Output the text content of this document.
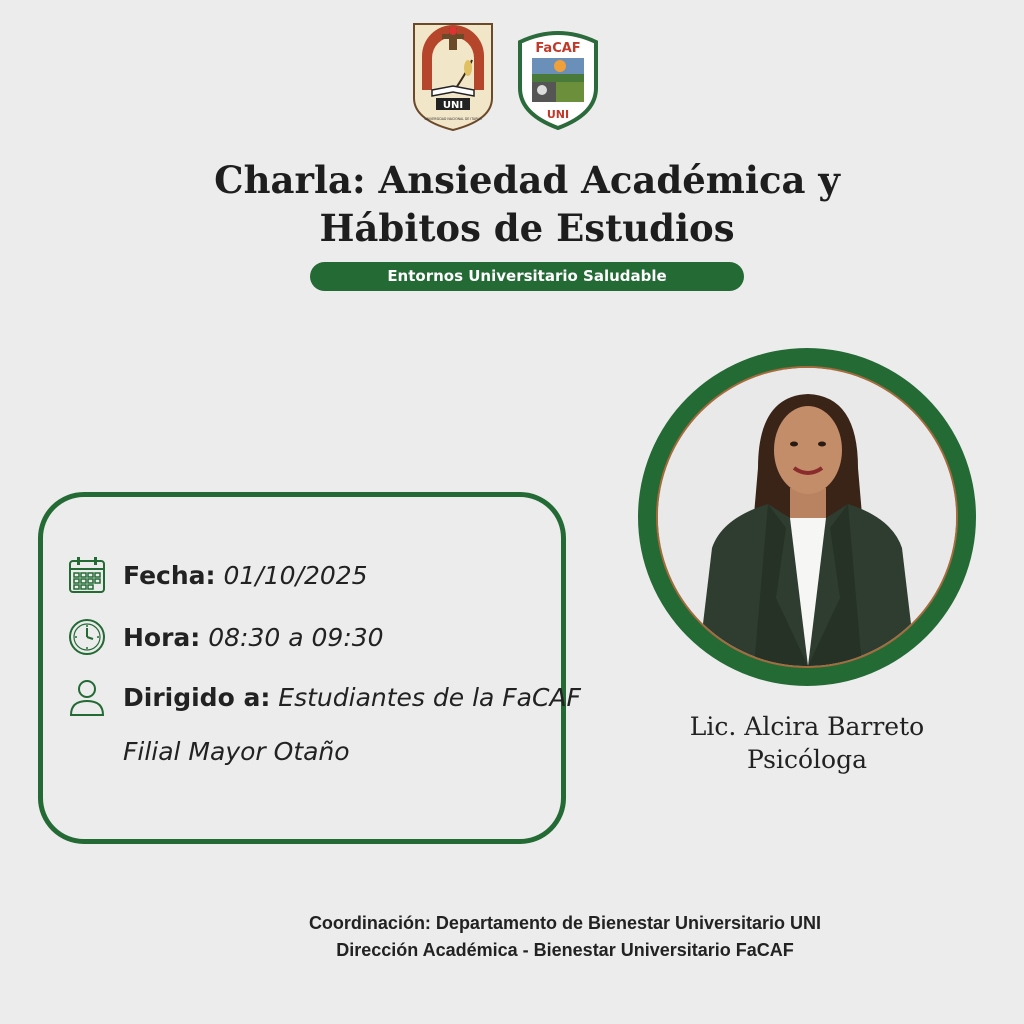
UNI
UNIVERSIDAD NACIONAL DE ITAPÚA
FaCAF
UNI
Charla: Ansiedad Académica y
Hábitos de Estudios
Entornos Universitario Saludable
Fecha: 01/10/2025
Hora: 08:30 a 09:30
Dirigido a: Estudiantes de la FaCAF
Filial Mayor Otaño
Lic. Alcira Barreto
Psicóloga
Coordinación: Departamento de Bienestar Universitario UNI
Dirección Académica - Bienestar Universitario FaCAF
